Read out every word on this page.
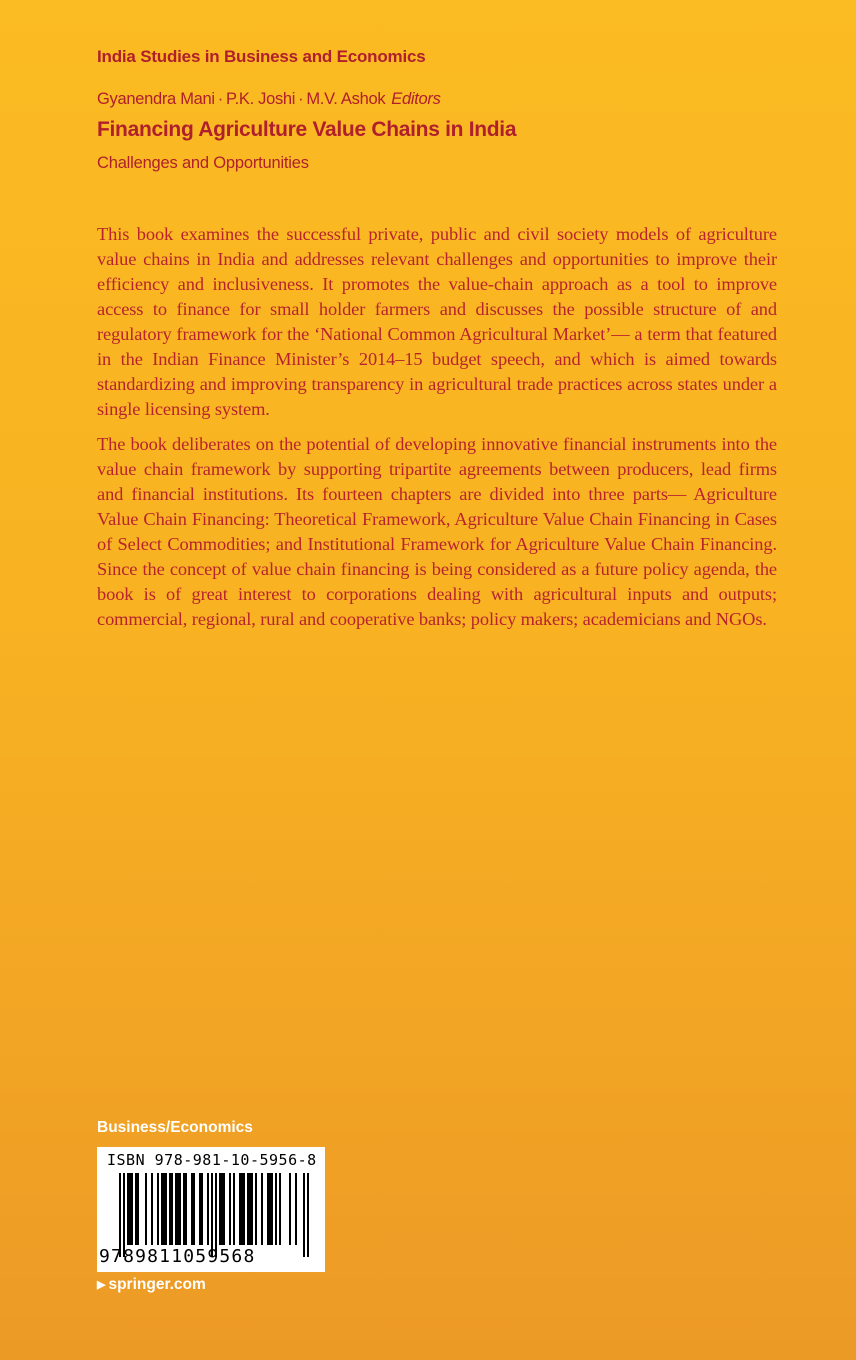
India Studies in Business and Economics
Gyanendra Mani · P.K. Joshi · M.V. Ashok Editors
Financing Agriculture Value Chains in India
Challenges and Opportunities

This book examines the successful private, public and civil society models of agriculture value chains in India and addresses relevant challenges and opportunities to improve their efficiency and inclusiveness. It promotes the value-chain approach as a tool to improve access to finance for small holder farmers and discusses the possible structure of and regulatory framework for the ‘National Common Agricultural Market’— a term that featured in the Indian Finance Minister’s 2014–15 budget speech, and which is aimed towards standardizing and improving transparency in agricultural trade practices across states under a single licensing system.

The book deliberates on the potential of developing innovative financial instruments into the value chain framework by supporting tripartite agreements between producers, lead firms and financial institutions. Its fourteen chapters are divided into three parts— Agriculture Value Chain Financing: Theoretical Framework, Agriculture Value Chain Financing in Cases of Select Commodities; and Institutional Framework for Agriculture Value Chain Financing. Since the concept of value chain financing is being considered as a future policy agenda, the book is of great interest to corporations dealing with agricultural inputs and outputs; commercial, regional, rural and cooperative banks; policy makers; academicians and NGOs.

Business/Economics
ISBN 978-981-10-5956-8
9789811059568
▶ springer.com
